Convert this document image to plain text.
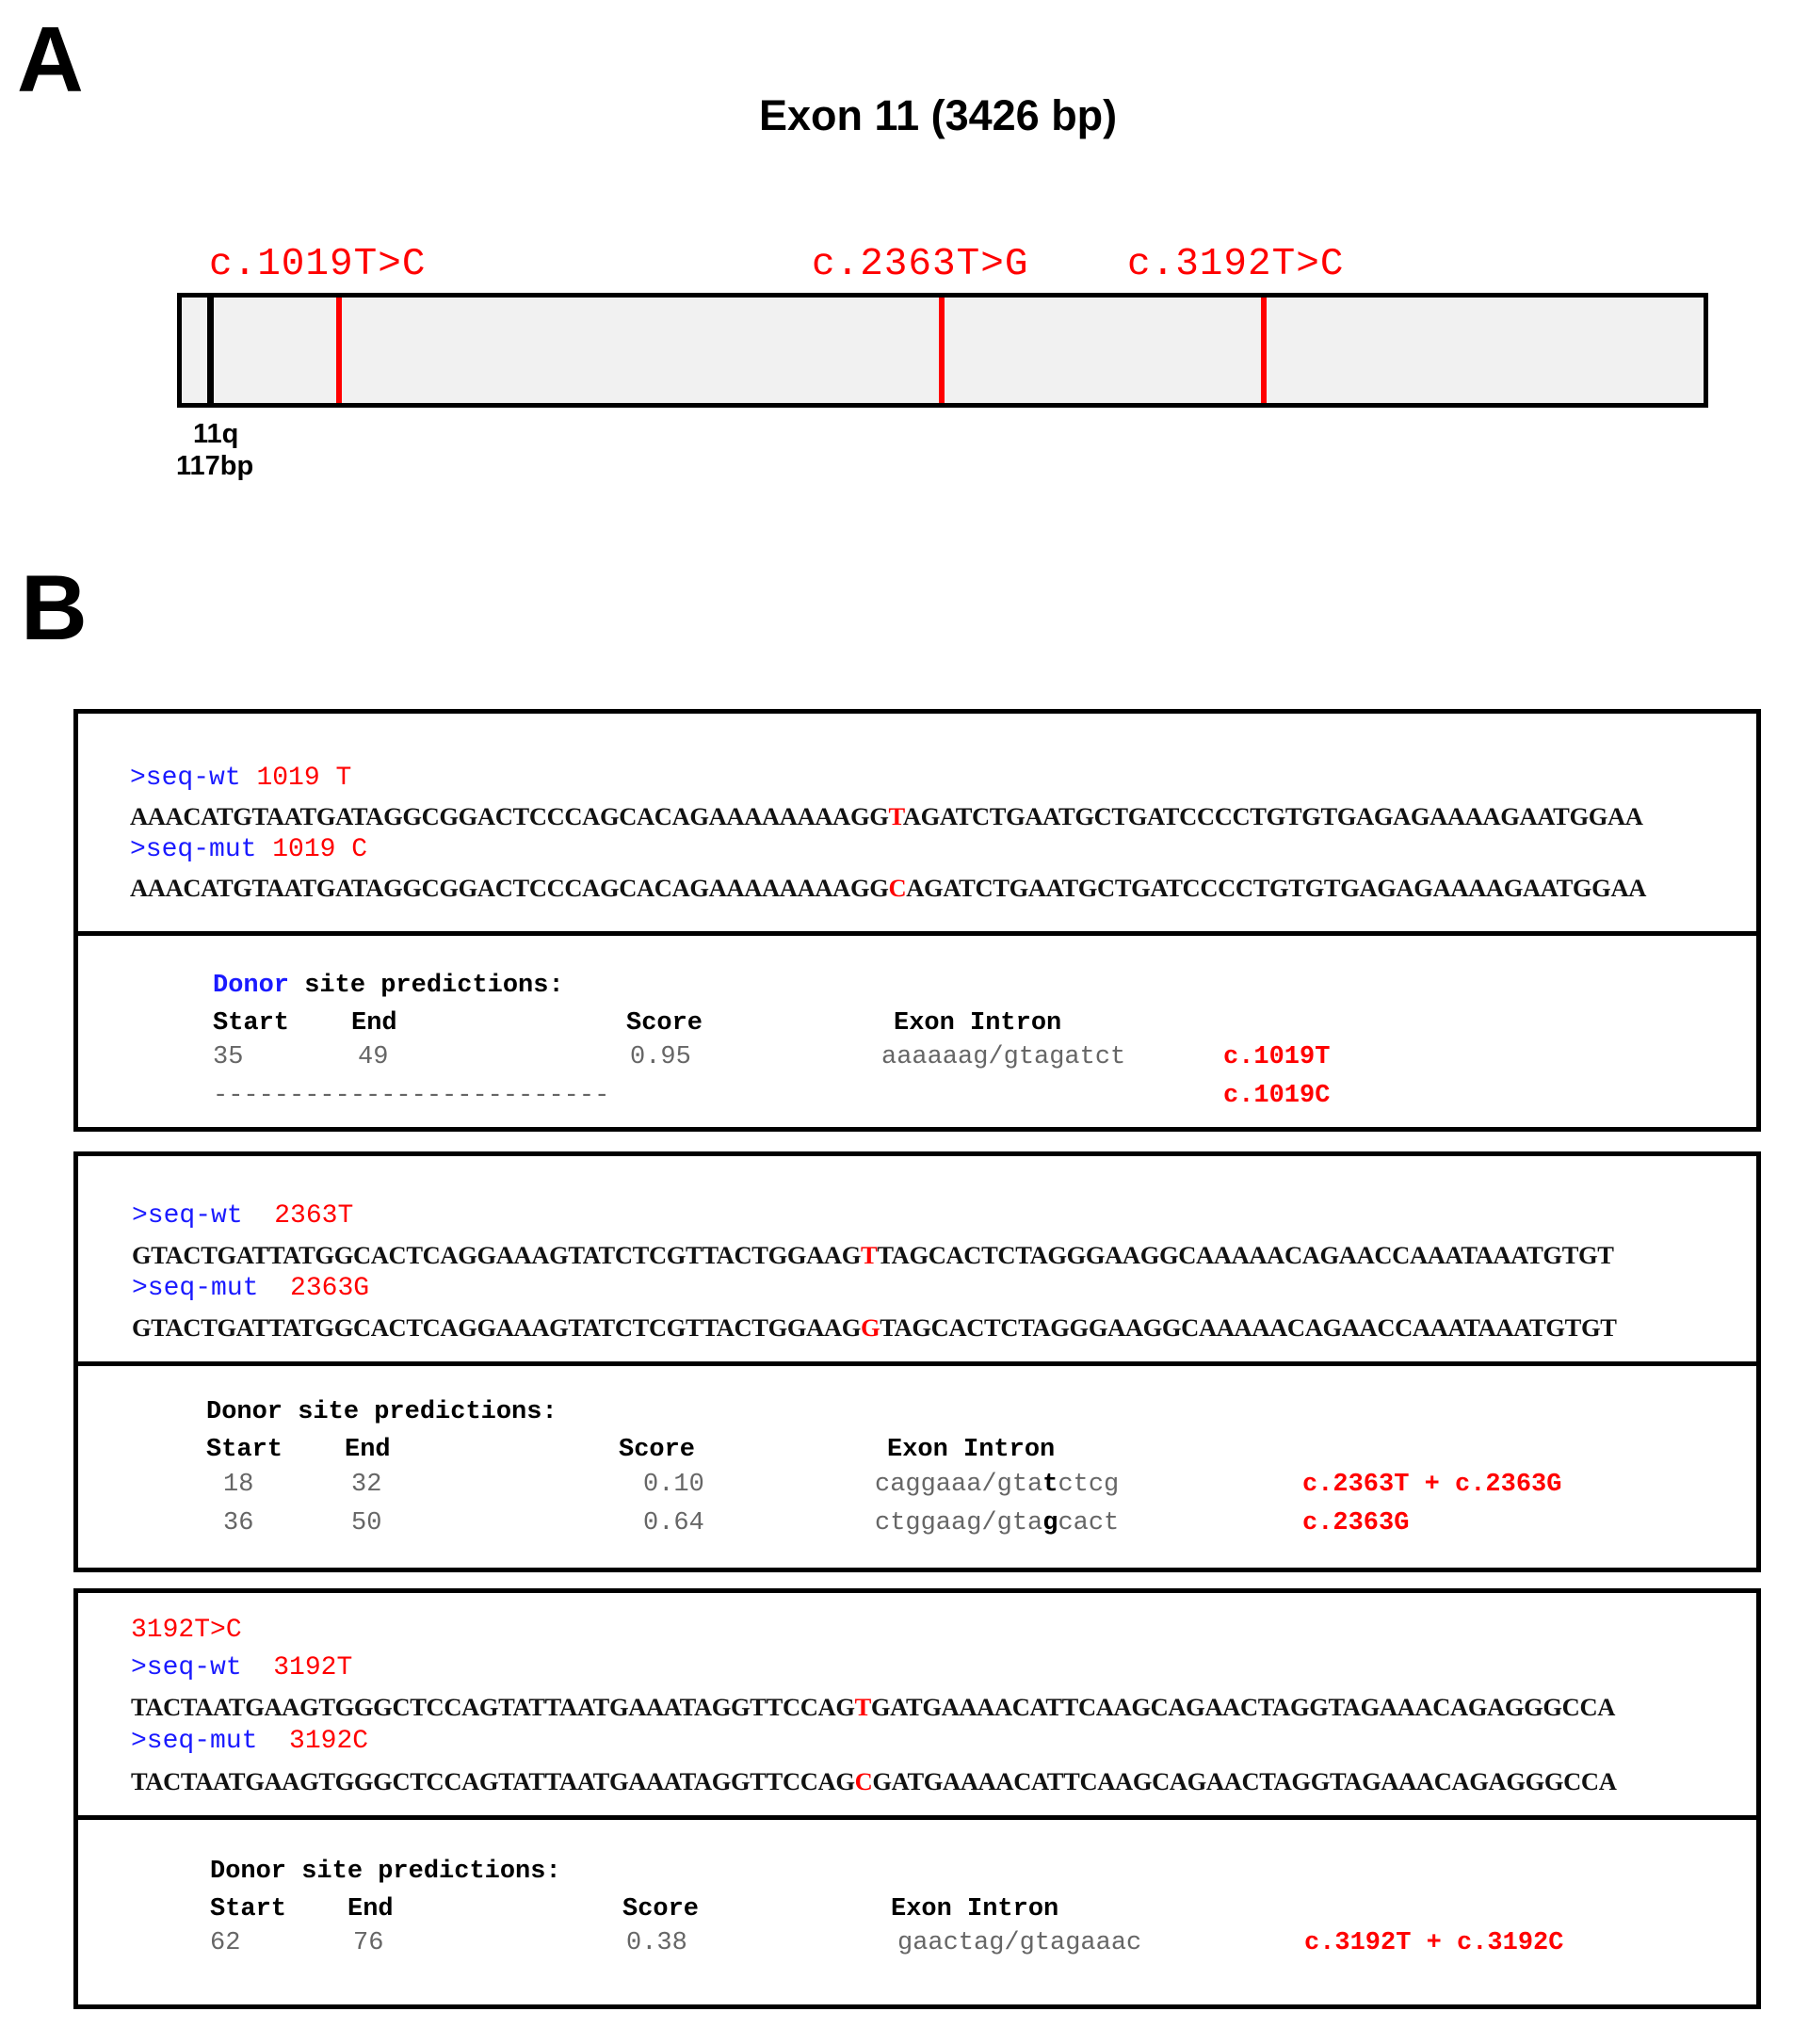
A
Exon 11 (3426 bp)
c.1019T>C	c.2363T>G	c.3192T>C
11q
117bp
B
>seq-wt 1019 T
AAACATGTAATGATAGGCGGACTCCCAGCACAGAAAAAAAAGGTAGATCTGAATGCTGATCCCCTGTGTGAGAGAAAAGAATGGAA
>seq-mut 1019 C
AAACATGTAATGATAGGCGGACTCCCAGCACAGAAAAAAAAGGCAGATCTGAATGCTGATCCCCTGTGTGAGAGAAAAGAATGGAA
Donor site predictions:
Start End	Score	Exon Intron
35	49	0.95	aaaaaag/gtagatct	c.1019T
--------------------------	c.1019C
>seq-wt 2363T
GTACTGATTATGGCACTCAGGAAAGTATCTCGTTACTGGAAGTTAGCACTCTAGGGAAGGCAAAAACAGAACCAAATAAATGTGT
>seq-mut 2363G
GTACTGATTATGGCACTCAGGAAAGTATCTCGTTACTGGAAGGTAGCACTCTAGGGAAGGCAAAAACAGAACCAAATAAATGTGT
Donor site predictions:
Start End	Score	Exon Intron
18	32	0.10	caggaaa/gtatctcg	c.2363T + c.2363G
36	50	0.64	ctggaag/gtagcact	c.2363G
3192T>C
>seq-wt 3192T
TACTAATGAAGTGGGCTCCAGTATTAATGAAATAGGTTCCAGTGATGAAAACATTCAAGCAGAACTAGGTAGAAACAGAGGGCCA
>seq-mut 3192C
TACTAATGAAGTGGGCTCCAGTATTAATGAAATAGGTTCCAGCGATGAAAACATTCAAGCAGAACTAGGTAGAAACAGAGGGCCA
Donor site predictions:
Start End	Score	Exon Intron
62	76	0.38	gaactag/gtagaaac	c.3192T + c.3192C
